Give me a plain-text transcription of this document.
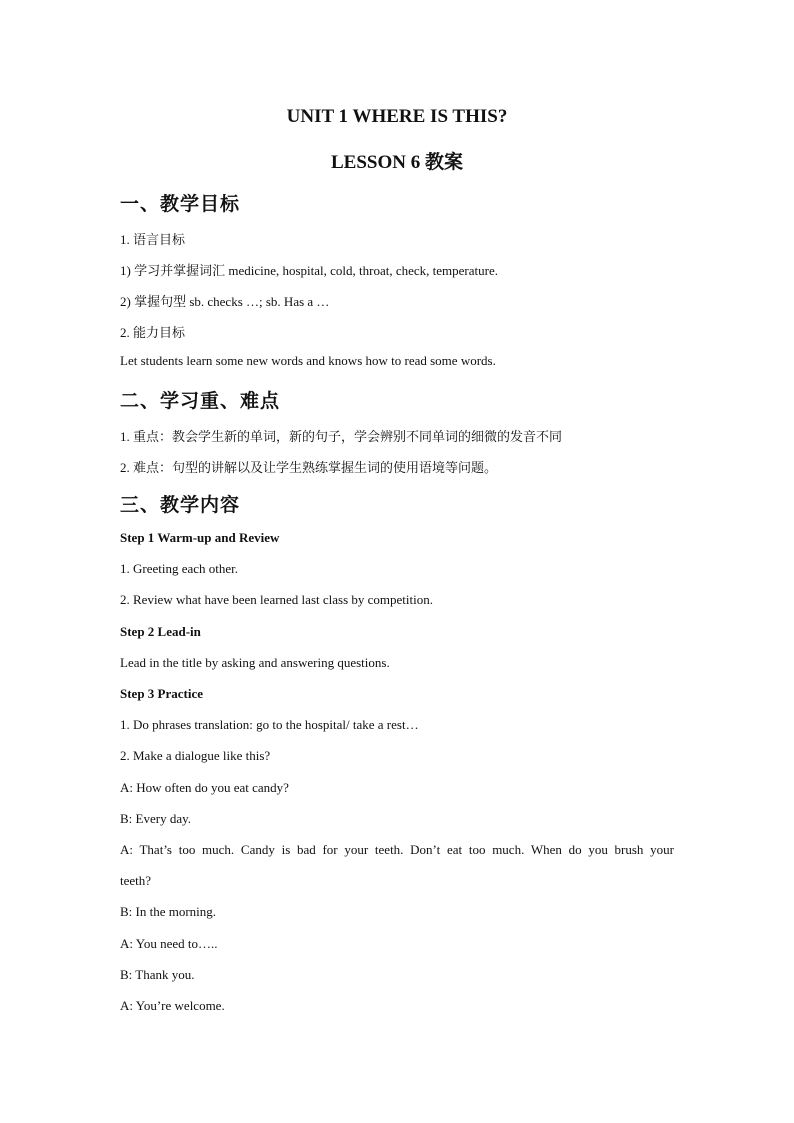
UNIT 1 WHERE IS THIS?
LESSON 6 教案
一、教学目标
1. 语言目标
1) 学习并掌握词汇 medicine, hospital, cold, throat, check, temperature.
2) 掌握句型 sb. checks …; sb. Has a …
2. 能力目标
Let students learn some new words and knows how to read some words.
二、学习重、难点
1. 重点：教会学生新的单词，新的句子，学会辨别不同单词的细微的发音不同
2. 难点：句型的讲解以及让学生熟练掌握生词的使用语境等问题。
三、教学内容
Step 1 Warm-up and Review
1. Greeting each other.
2. Review what have been learned last class by competition.
Step 2 Lead-in
Lead in the title by asking and answering questions.
Step 3 Practice
1. Do phrases translation: go to the hospital/ take a rest…
2. Make a dialogue like this?
A: How often do you eat candy?
B: Every day.
A: That’s too much. Candy is bad for your teeth. Don’t eat too much. When do you brush your
teeth?
B: In the morning.
A: You need to…..
B: Thank you.
A: You’re welcome.
